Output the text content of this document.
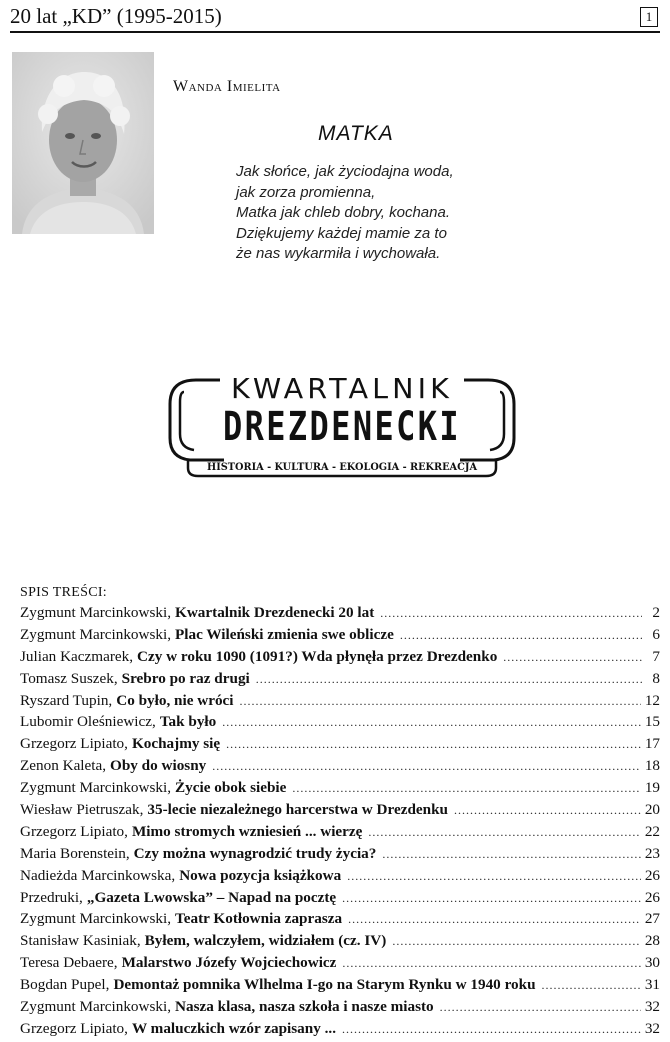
20 lat „KD” (1995-2015)	1
Wanda Imielita
MATKA
Jak słońce, jak życiodajna woda,
jak zorza promienna,
Matka jak chleb dobry, kochana.
Dziękujemy każdej mamie za to
że nas wykarmiła i wychowała.
KWARTALNIK
DREZDENECKI
HISTORIA - KULTURA - EKOLOGIA - REKREACJA
SPIS TREŚCI:
Zygmunt Marcinkowski, Kwartalnik Drezdenecki 20 lat .....	2
Zygmunt Marcinkowski, Plac Wileński zmienia swe oblicze .....	6
Julian Kaczmarek, Czy w roku 1090 (1091?) Wda płynęła przez Drezdenko .....	7
Tomasz Suszek, Srebro po raz drugi .....	8
Ryszard Tupin, Co było, nie wróci .....	12
Lubomir Oleśniewicz, Tak było .....	15
Grzegorz Lipiato, Kochajmy się .....	17
Zenon Kaleta, Oby do wiosny .....	18
Zygmunt Marcinkowski, Życie obok siebie .....	19
Wiesław Pietruszak, 35-lecie niezależnego harcerstwa w Drezdenku .....	20
Grzegorz Lipiato, Mimo stromych wzniesień ... wierzę .....	22
Maria Borenstein, Czy można wynagrodzić trudy życia? .....	23
Nadieżda Marcinkowska, Nowa pozycja książkowa .....	26
Przedruki, „Gazeta Lwowska” – Napad na pocztę .....	26
Zygmunt Marcinkowski, Teatr Kotłownia zaprasza .....	27
Stanisław Kasiniak, Byłem, walczyłem, widziałem (cz. IV) .....	28
Teresa Debaere, Malarstwo Józefy Wojciechowicz .....	30
Bogdan Pupel, Demontaż pomnika Wlhelma I-go na Starym Rynku w 1940 roku .....	31
Zygmunt Marcinkowski, Nasza klasa, nasza szkoła i nasze miasto .....	32
Grzegorz Lipiato, W maluczkich wzór zapisany ... .....	32
